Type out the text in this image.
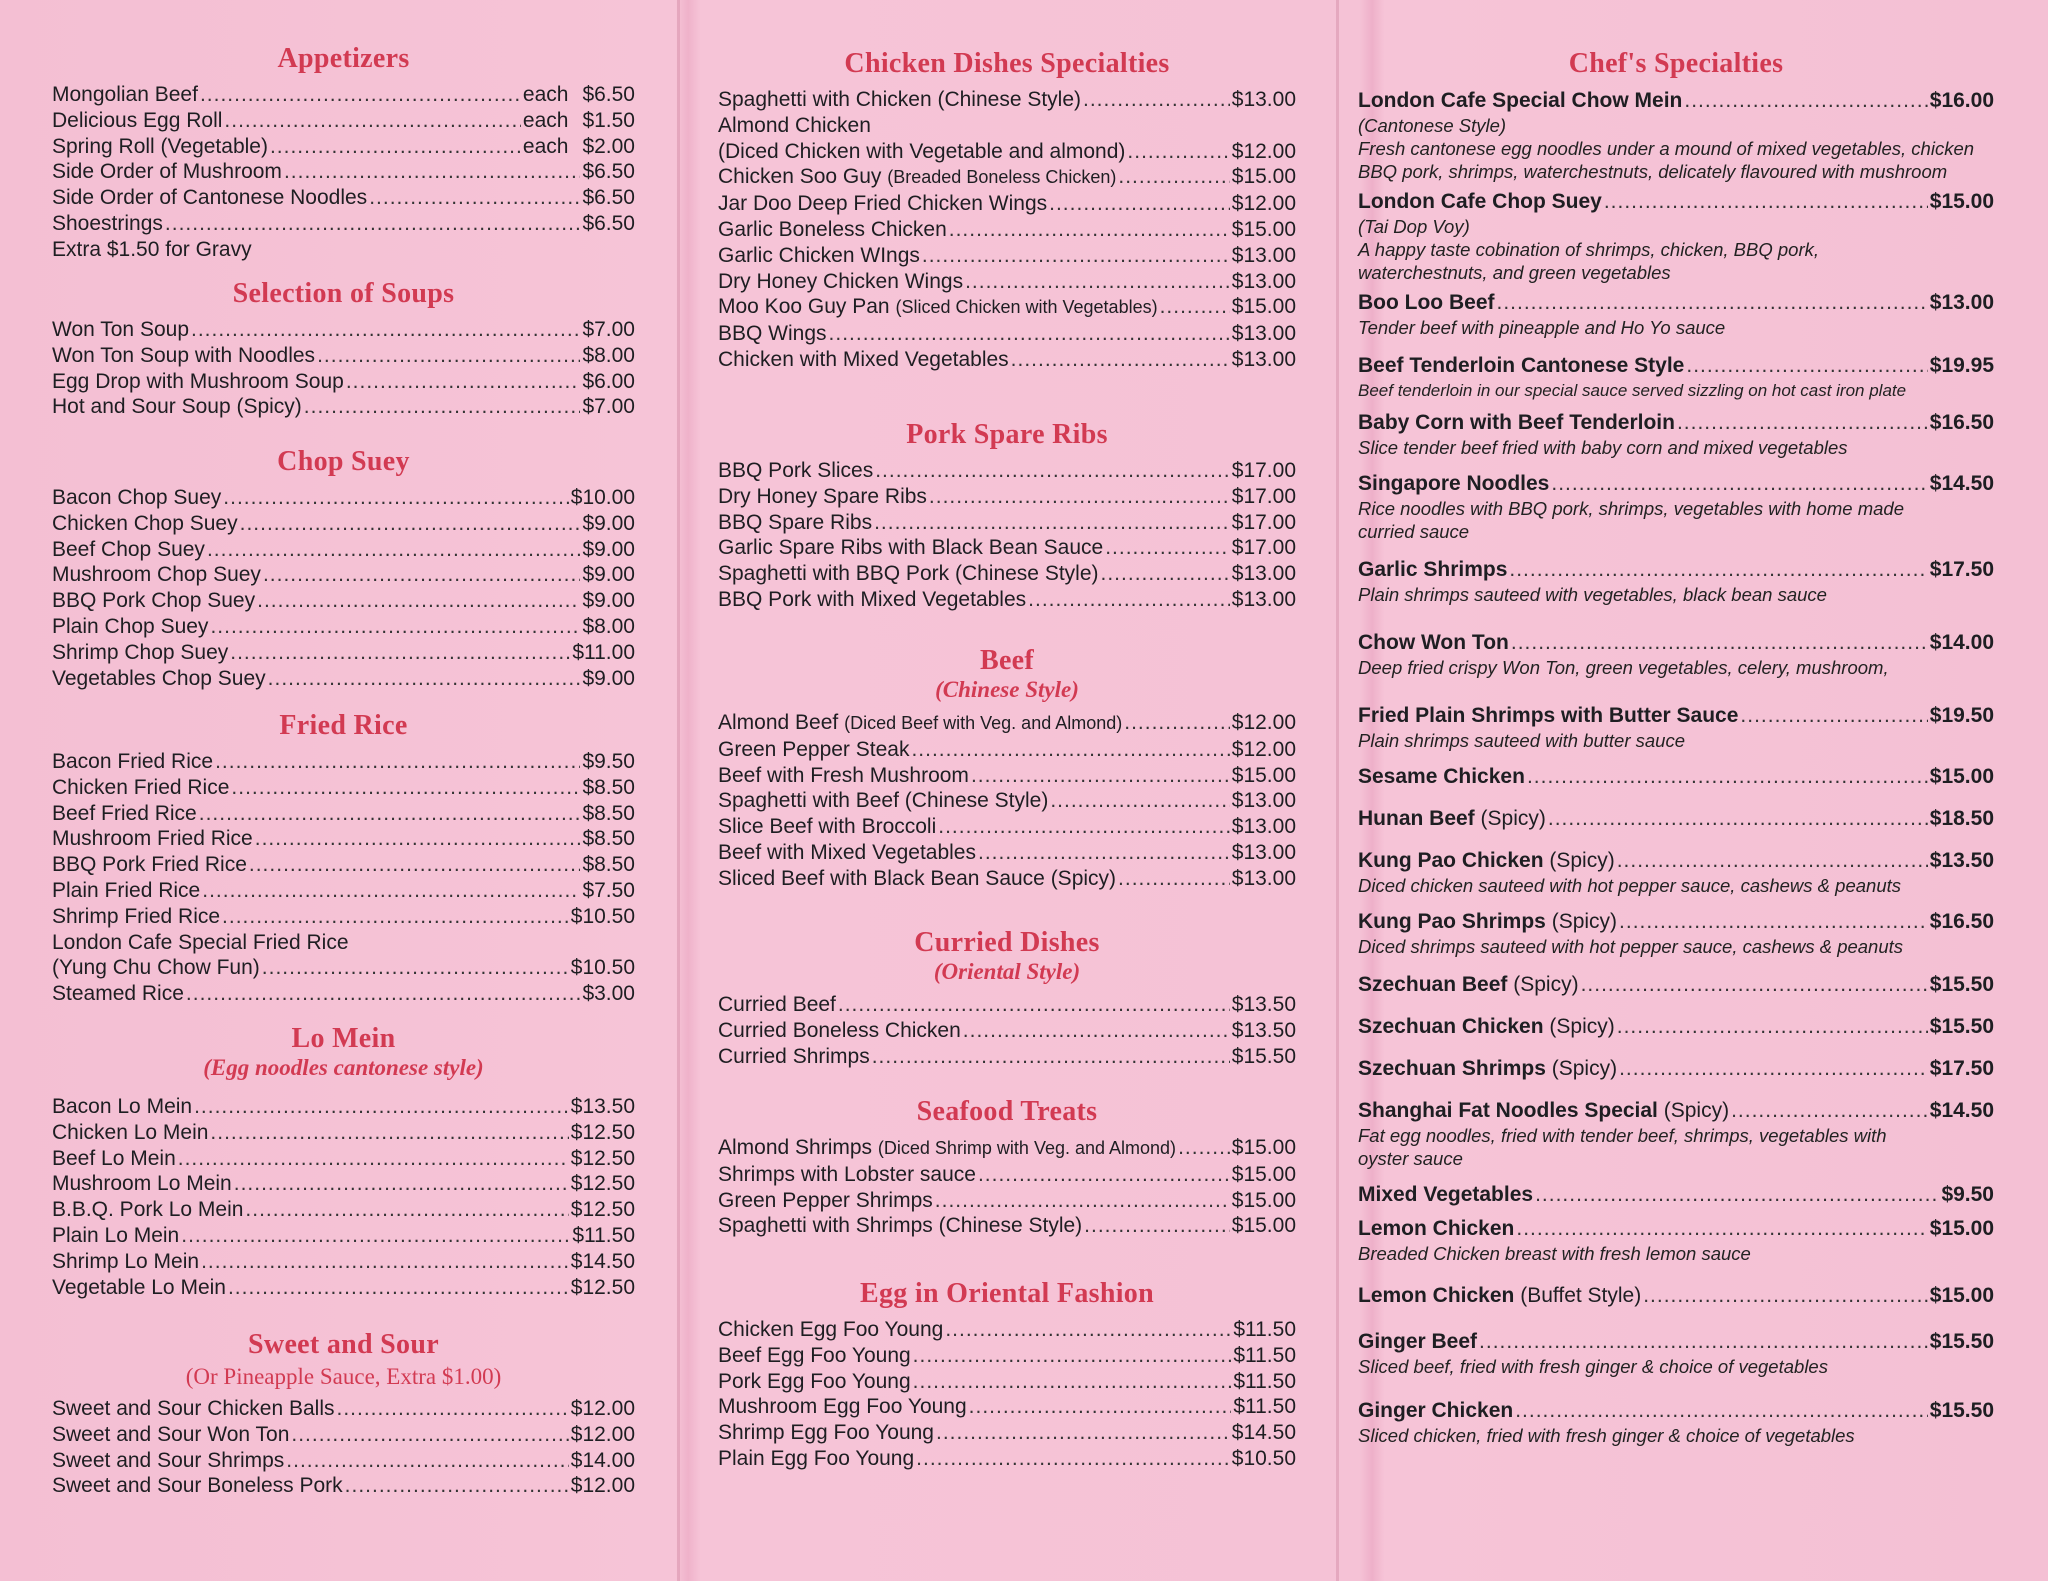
Appetizers
Mongolian Beef .....	each $6.50
Delicious Egg Roll .....	each $1.50
Spring Roll (Vegetable) .....	each $2.00
Side Order of Mushroom .....	$6.50
Side Order of Cantonese Noodles .....	$6.50
Shoestrings .....	$6.50
Extra $1.50 for Gravy
Selection of Soups
Won Ton Soup .....	$7.00
Won Ton Soup with Noodles .....	$8.00
Egg Drop with Mushroom Soup .....	$6.00
Hot and Sour Soup (Spicy) .....	$7.00
Chop Suey
Bacon Chop Suey .....	$10.00
Chicken Chop Suey .....	$9.00
Beef Chop Suey .....	$9.00
Mushroom Chop Suey .....	$9.00
BBQ Pork Chop Suey .....	$9.00
Plain Chop Suey .....	$8.00
Shrimp Chop Suey .....	$11.00
Vegetables Chop Suey .....	$9.00
Fried Rice
Bacon Fried Rice .....	$9.50
Chicken Fried Rice .....	$8.50
Beef Fried Rice .....	$8.50
Mushroom Fried Rice .....	$8.50
BBQ Pork Fried Rice .....	$8.50
Plain Fried Rice .....	$7.50
Shrimp Fried Rice .....	$10.50
London Cafe Special Fried Rice
(Yung Chu Chow Fun) .....	$10.50
Steamed Rice .....	$3.00
Lo Mein
(Egg noodles cantonese style)
Bacon Lo Mein .....	$13.50
Chicken Lo Mein .....	$12.50
Beef Lo Mein .....	$12.50
Mushroom Lo Mein .....	$12.50
B.B.Q. Pork Lo Mein .....	$12.50
Plain Lo Mein .....	$11.50
Shrimp Lo Mein .....	$14.50
Vegetable Lo Mein .....	$12.50
Sweet and Sour
(Or Pineapple Sauce, Extra $1.00)
Sweet and Sour Chicken Balls .....	$12.00
Sweet and Sour Won Ton .....	$12.00
Sweet and Sour Shrimps .....	$14.00
Sweet and Sour Boneless Pork .....	$12.00
Chicken Dishes Specialties
Spaghetti with Chicken (Chinese Style) .....	$13.00
Almond Chicken
(Diced Chicken with Vegetable and almond) .....	$12.00
Chicken Soo Guy (Breaded Boneless Chicken) .....	$15.00
Jar Doo Deep Fried Chicken Wings .....	$12.00
Garlic Boneless Chicken .....	$15.00
Garlic Chicken WIngs .....	$13.00
Dry Honey Chicken Wings .....	$13.00
Moo Koo Guy Pan (Sliced Chicken with Vegetables) .....	$15.00
BBQ Wings .....	$13.00
Chicken with Mixed Vegetables .....	$13.00
Pork Spare Ribs
BBQ Pork Slices .....	$17.00
Dry Honey Spare Ribs .....	$17.00
BBQ Spare Ribs .....	$17.00
Garlic Spare Ribs with Black Bean Sauce .....	$17.00
Spaghetti with BBQ Pork (Chinese Style) .....	$13.00
BBQ Pork with Mixed Vegetables .....	$13.00
Beef
(Chinese Style)
Almond Beef (Diced Beef with Veg. and Almond) .....	$12.00
Green Pepper Steak .....	$12.00
Beef with Fresh Mushroom .....	$15.00
Spaghetti with Beef (Chinese Style) .....	$13.00
Slice Beef with Broccoli .....	$13.00
Beef with Mixed Vegetables .....	$13.00
Sliced Beef with Black Bean Sauce (Spicy) .....	$13.00
Curried Dishes
(Oriental Style)
Curried Beef .....	$13.50
Curried Boneless Chicken .....	$13.50
Curried Shrimps .....	$15.50
Seafood Treats
Almond Shrimps (Diced Shrimp with Veg. and Almond) .....	$15.00
Shrimps with Lobster sauce .....	$15.00
Green Pepper Shrimps .....	$15.00
Spaghetti with Shrimps (Chinese Style) .....	$15.00
Egg in Oriental Fashion
Chicken Egg Foo Young .....	$11.50
Beef Egg Foo Young .....	$11.50
Pork Egg Foo Young .....	$11.50
Mushroom Egg Foo Young .....	$11.50
Shrimp Egg Foo Young .....	$14.50
Plain Egg Foo Young .....	$10.50
Chef's Specialties
London Cafe Special Chow Mein .....	$16.00
(Cantonese Style)
Fresh cantonese egg noodles under a mound of mixed vegetables, chicken
BBQ pork, shrimps, waterchestnuts, delicately flavoured with mushroom
London Cafe Chop Suey .....	$15.00
(Tai Dop Voy)
A happy taste cobination of shrimps, chicken, BBQ pork,
waterchestnuts, and green vegetables
Boo Loo Beef .....	$13.00
Tender beef with pineapple and Ho Yo sauce
Beef Tenderloin Cantonese Style .....	$19.95
Beef tenderloin in our special sauce served sizzling on hot cast iron plate
Baby Corn with Beef Tenderloin .....	$16.50
Slice tender beef fried with baby corn and mixed vegetables
Singapore Noodles .....	$14.50
Rice noodles with BBQ pork, shrimps, vegetables with home made
curried sauce
Garlic Shrimps .....	$17.50
Plain shrimps sauteed with vegetables, black bean sauce
Chow Won Ton .....	$14.00
Deep fried crispy Won Ton, green vegetables, celery, mushroom,
Fried Plain Shrimps with Butter Sauce .....	$19.50
Plain shrimps sauteed with butter sauce
Sesame Chicken .....	$15.00
Hunan Beef (Spicy) .....	$18.50
Kung Pao Chicken (Spicy) .....	$13.50
Diced chicken sauteed with hot pepper sauce, cashews & peanuts
Kung Pao Shrimps (Spicy) .....	$16.50
Diced shrimps sauteed with hot pepper sauce, cashews & peanuts
Szechuan Beef (Spicy) .....	$15.50
Szechuan Chicken (Spicy) .....	$15.50
Szechuan Shrimps (Spicy) .....	$17.50
Shanghai Fat Noodles Special (Spicy) .....	$14.50
Fat egg noodles, fried with tender beef, shrimps, vegetables with
oyster sauce
Mixed Vegetables .....	$9.50
Lemon Chicken .....	$15.00
Breaded Chicken breast with fresh lemon sauce
Lemon Chicken (Buffet Style) .....	$15.00
Ginger Beef .....	$15.50
Sliced beef, fried with fresh ginger & choice of vegetables
Ginger Chicken .....	$15.50
Sliced chicken, fried with fresh ginger & choice of vegetables
